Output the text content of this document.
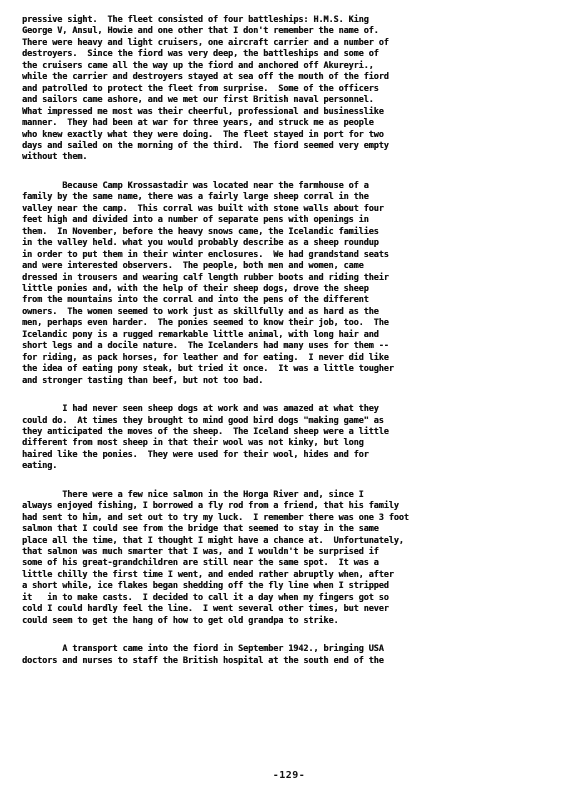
pressive sight.  The fleet consisted of four battleships: H.M.S. King
George V, Ansul, Howie and one other that I don't remember the name of.
There were heavy and light cruisers, one aircraft carrier and a number of
destroyers.  Since the fiord was very deep, the battleships and some of
the cruisers came all the way up the fiord and anchored off Akureyri.,
while the carrier and destroyers stayed at sea off the mouth of the fiord
and patrolled to protect the fleet from surprise.  Some of the officers
and sailors came ashore, and we met our first British naval personnel.
What impressed me most was their cheerful, professional and businesslike
manner.  They had been at war for three years, and struck me as people
who knew exactly what they were doing.  The fleet stayed in port for two
days and sailed on the morning of the third.  The fiord seemed very empty
without them.

Because Camp Krossastadir was located near the farmhouse of a
family by the same name, there was a fairly large sheep corral in the
valley near the camp.  This corral was built with stone walls about four
feet high and divided into a number of separate pens with openings in
them.  In November, before the heavy snows came, the Icelandic families
in the valley held. what you would probably describe as a sheep roundup
in order to put them in their winter enclosures.  We had grandstand seats
and were interested observers.  The people, both men and women, came
dressed in trousers and wearing calf length rubber boots and riding their
little ponies and, with the help of their sheep dogs, drove the sheep
from the mountains into the corral and into the pens of the different
owners.  The women seemed to work just as skillfully and as hard as the
men, perhaps even harder.  The ponies seemed to know their job, too.  The
Icelandic pony is a rugged remarkable little animal, with long hair and
short legs and a docile nature.  The Icelanders had many uses for them --
for riding, as pack horses, for leather and for eating.  I never did like
the idea of eating pony steak, but tried it once.  It was a little tougher
and stronger tasting than beef, but not too bad.

I had never seen sheep dogs at work and was amazed at what they
could do.  At times they brought to mind good bird dogs "making game" as
they anticipated the moves of the sheep.  The Iceland sheep were a little
different from most sheep in that their wool was not kinky, but long
haired like the ponies.  They were used for their wool, hides and for
eating.

There were a few nice salmon in the Horga River and, since I
always enjoyed fishing, I borrowed a fly rod from a friend, that his family
had sent to him, and set out to try my luck.  I remember there was one 3 foot
salmon that I could see from the bridge that seemed to stay in the same
place all the time, that I thought I might have a chance at.  Unfortunately,
that salmon was much smarter that I was, and I wouldn't be surprised if
some of his great-grandchildren are still near the same spot.  It was a
little chilly the first time I went, and ended rather abruptly when, after
a short while, ice flakes began shedding off the fly line when I stripped
it   in to make casts.  I decided to call it a day when my fingers got so
cold I could hardly feel the line.  I went several other times, but never
could seem to get the hang of how to get old grandpa to strike.

A transport came into the fiord in September 1942., bringing USA
doctors and nurses to staff the British hospital at the south end of the

-129-
